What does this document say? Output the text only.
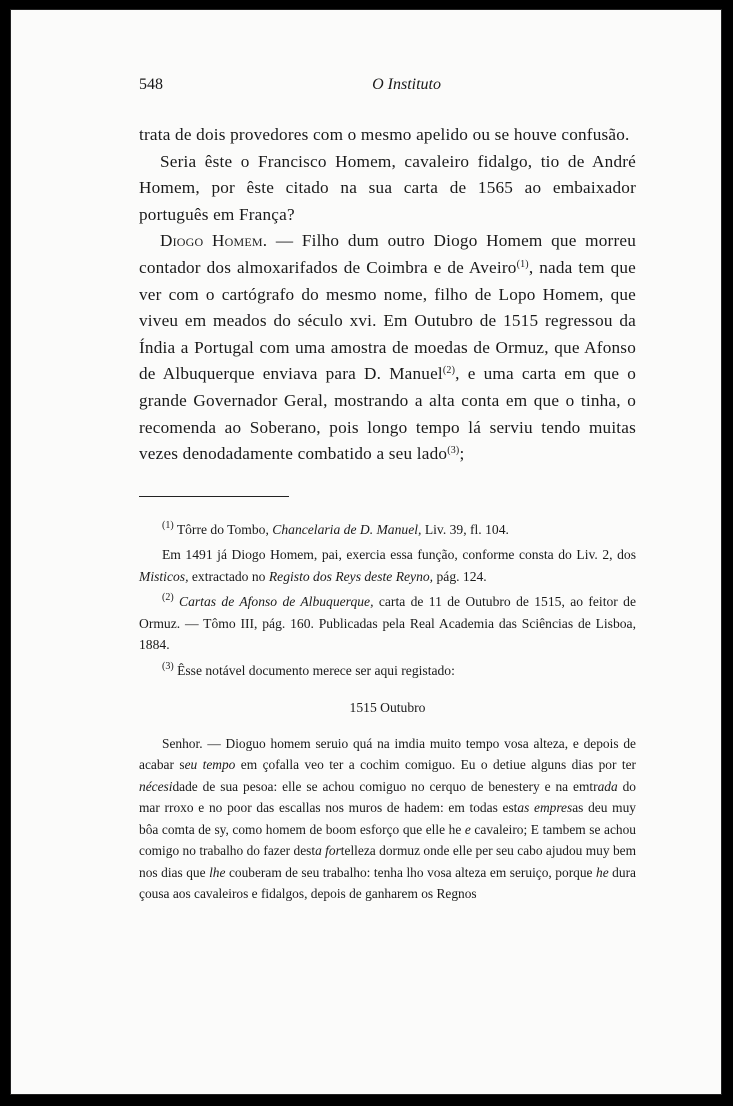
548	O Instituto

trata de dois provedores com o mesmo apelido ou se houve confusão.

Seria êste o Francisco Homem, cavaleiro fidalgo, tio de André Homem, por êste citado na sua carta de 1565 ao embaixador português em França?

Diogo Homem. — Filho dum outro Diogo Homem que morreu contador dos almoxarifados de Coimbra e de Aveiro$^{(1)}$, nada tem que ver com o cartógrafo do mesmo nome, filho de Lopo Homem, que viveu em meados do século xvi. Em Outubro de 1515 regressou da Índia a Portugal com uma amostra de moedas de Ormuz, que Afonso de Albuquerque enviava para D. Manuel$^{(2)}$, e uma carta em que o grande Governador Geral, mostrando a alta conta em que o tinha, o recomenda ao Soberano, pois longo tempo lá serviu tendo muitas vezes denodadamente combatido a seu lado$^{(3)}$;

$^{(1)}$ Tôrre do Tombo, Chancelaria de D. Manuel, Liv. 39, fl. 104.

Em 1491 já Diogo Homem, pai, exercia essa função, conforme consta do Liv. 2, dos Misticos, extractado no Registo dos Reys deste Reyno, pág. 124.

$^{(2)}$ Cartas de Afonso de Albuquerque, carta de 11 de Outubro de 1515, ao feitor de Ormuz. — Tômo III, pág. 160. Publicadas pela Real Academia das Sciências de Lisboa, 1884.

$^{(3)}$ Êsse notável documento merece ser aqui registado:

1515 Outubro

Senhor. — Dioguo homem seruio quá na imdia muito tempo vosa alteza, e depois de acabar seu tempo em çofalla veo ter a cochim comiguo. Eu o detiue alguns dias por ter nécesidade de sua pesoa: elle se achou comiguo no cerquo de benestery e na emtrada do mar rroxo e no poor das escallas nos muros de hadem: em todas estas empresas deu muy bôa comta de sy, como homem de boom esforço que elle he e cavaleiro; E tambem se achou comigo no trabalho do fazer desta fortelleza dormuz onde elle per seu cabo ajudou muy bem nos dias que lhe couberam de seu trabalho: tenha lho vosa alteza em seruiço, porque he dura çousa aos cavaleiros e fidalgos, depois de ganharem os Regnos
